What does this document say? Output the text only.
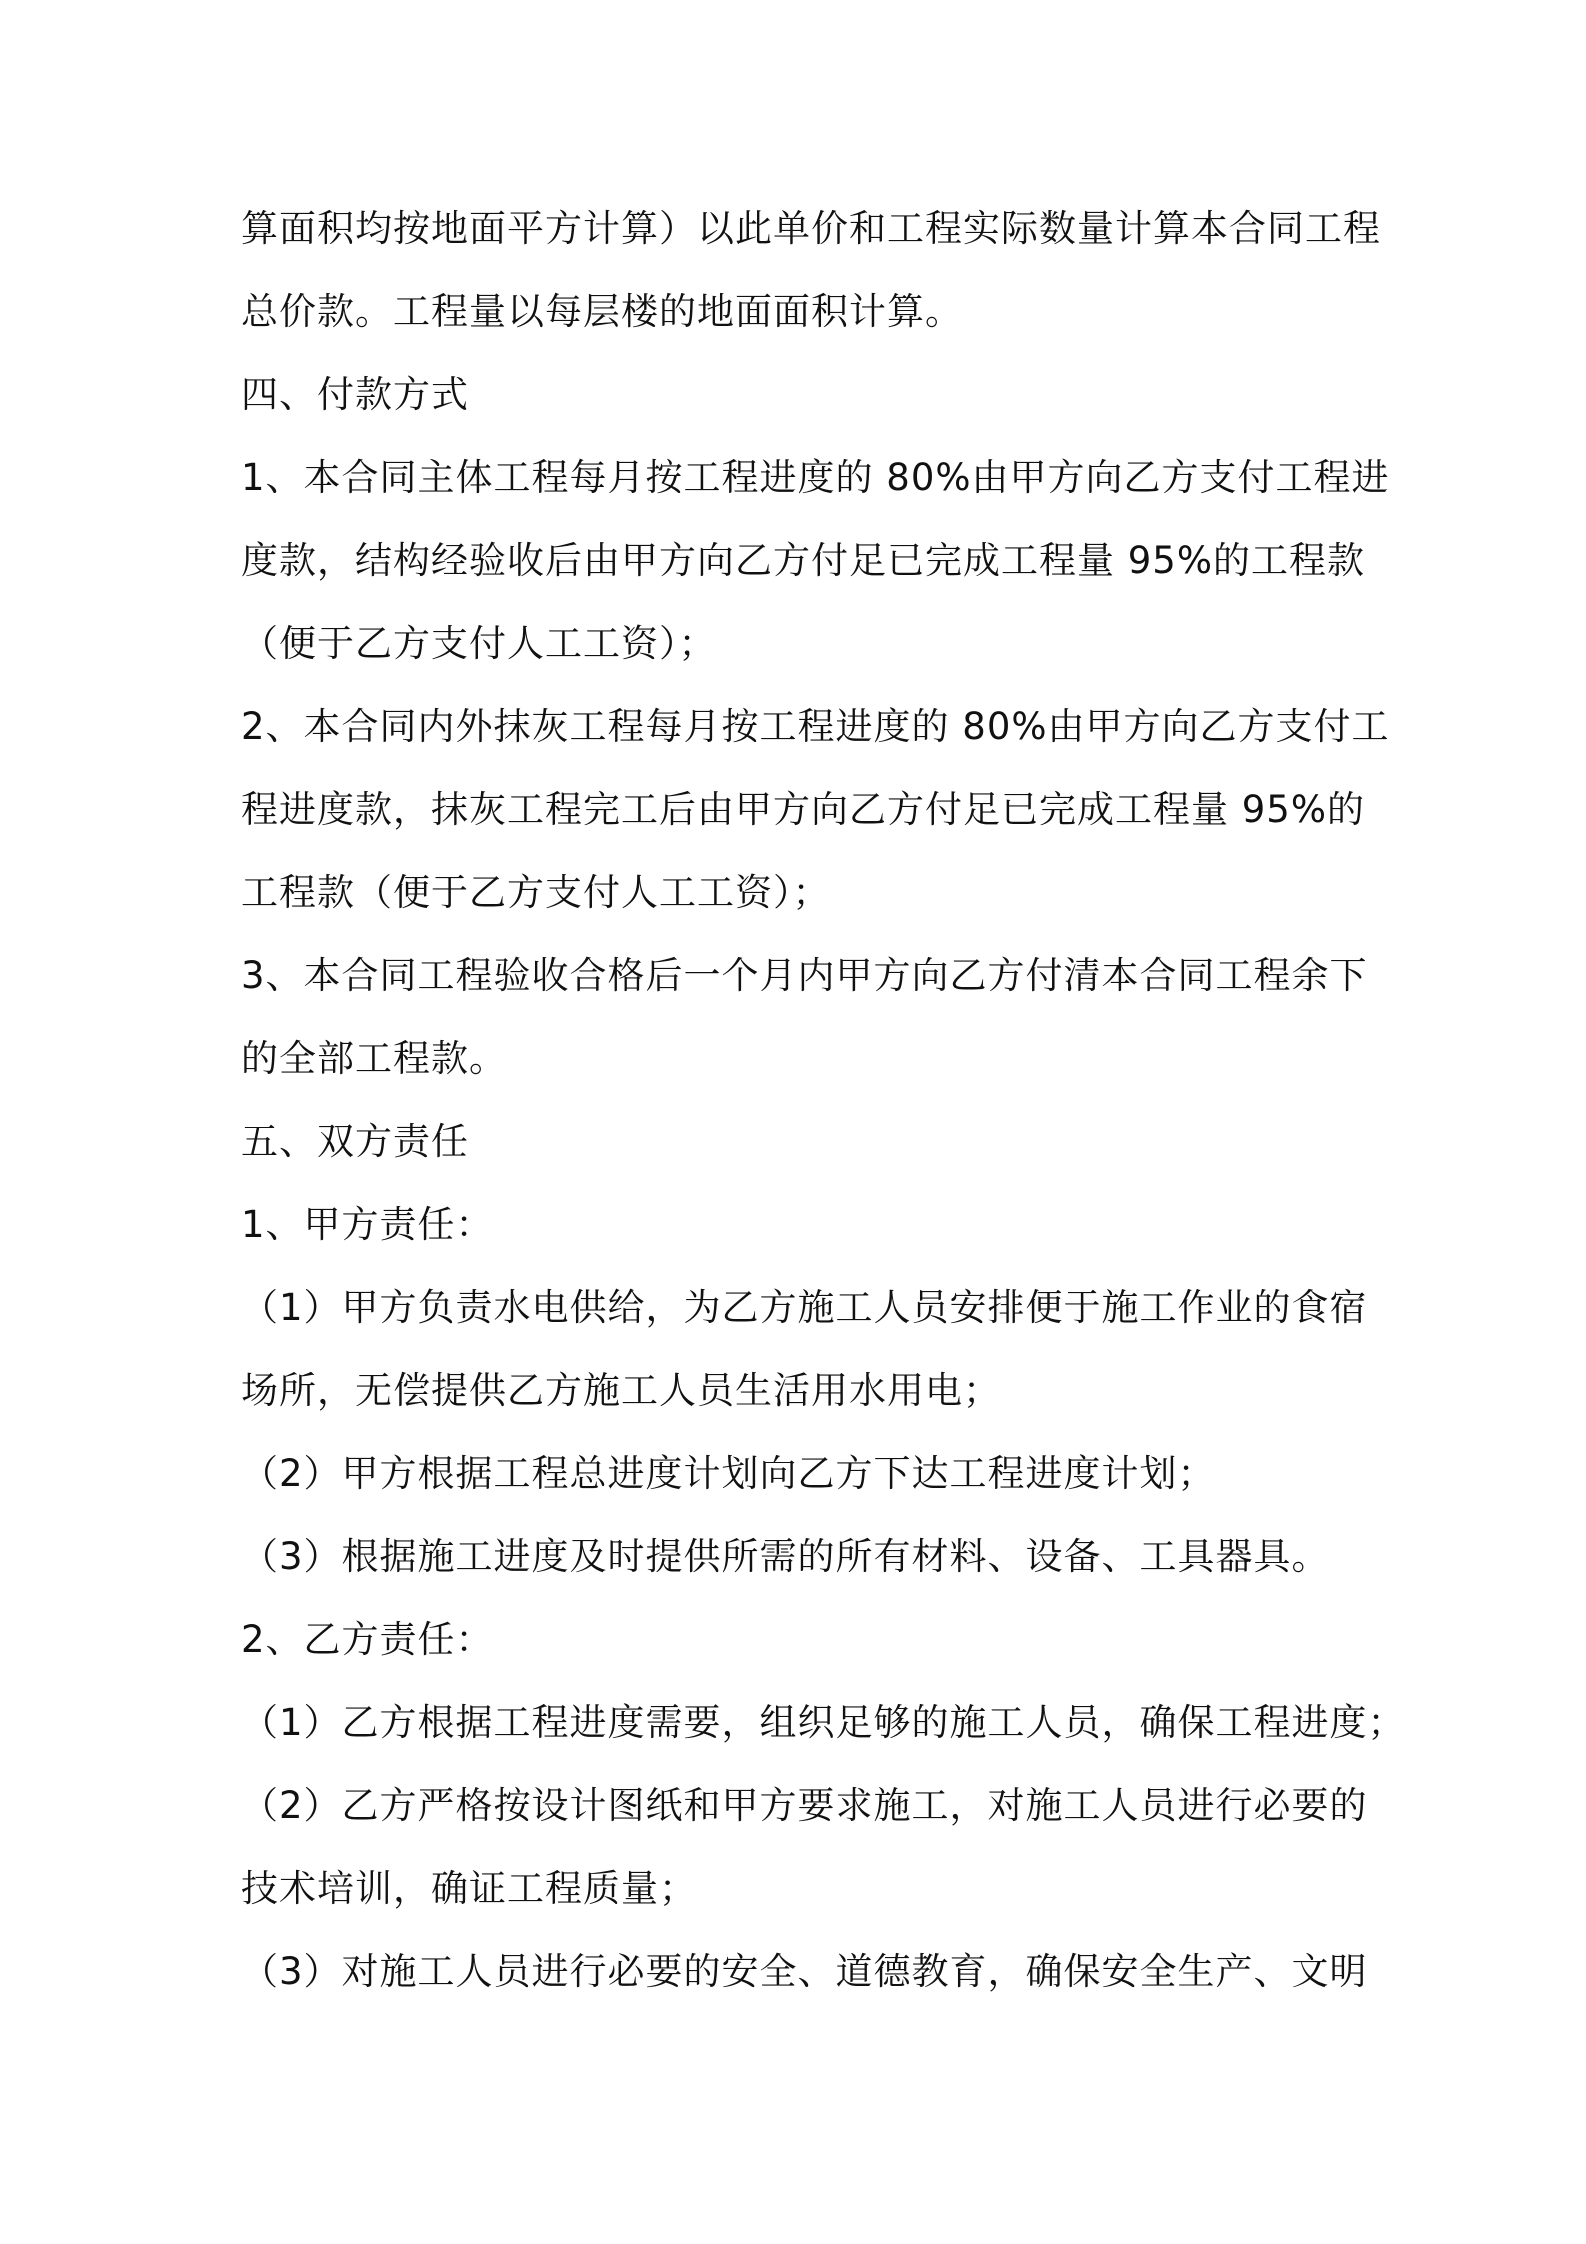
算面积均按地面平方计算）以此单价和工程实际数量计算本合同工程
总价款。工程量以每层楼的地面面积计算。
四、付款方式
1、本合同主体工程每月按工程进度的 80%由甲方向乙方支付工程进
度款，结构经验收后由甲方向乙方付足已完成工程量 95%的工程款
（便于乙方支付人工工资）；
2、本合同内外抹灰工程每月按工程进度的 80%由甲方向乙方支付工
程进度款，抹灰工程完工后由甲方向乙方付足已完成工程量 95%的
工程款（便于乙方支付人工工资）；
3、本合同工程验收合格后一个月内甲方向乙方付清本合同工程余下
的全部工程款。
五、双方责任
1、甲方责任：
（1）甲方负责水电供给，为乙方施工人员安排便于施工作业的食宿
场所，无偿提供乙方施工人员生活用水用电；
（2）甲方根据工程总进度计划向乙方下达工程进度计划；
（3）根据施工进度及时提供所需的所有材料、设备、工具器具。
2、乙方责任：
（1）乙方根据工程进度需要，组织足够的施工人员，确保工程进度；
（2）乙方严格按设计图纸和甲方要求施工，对施工人员进行必要的
技术培训，确证工程质量；
（3）对施工人员进行必要的安全、道德教育，确保安全生产、文明
